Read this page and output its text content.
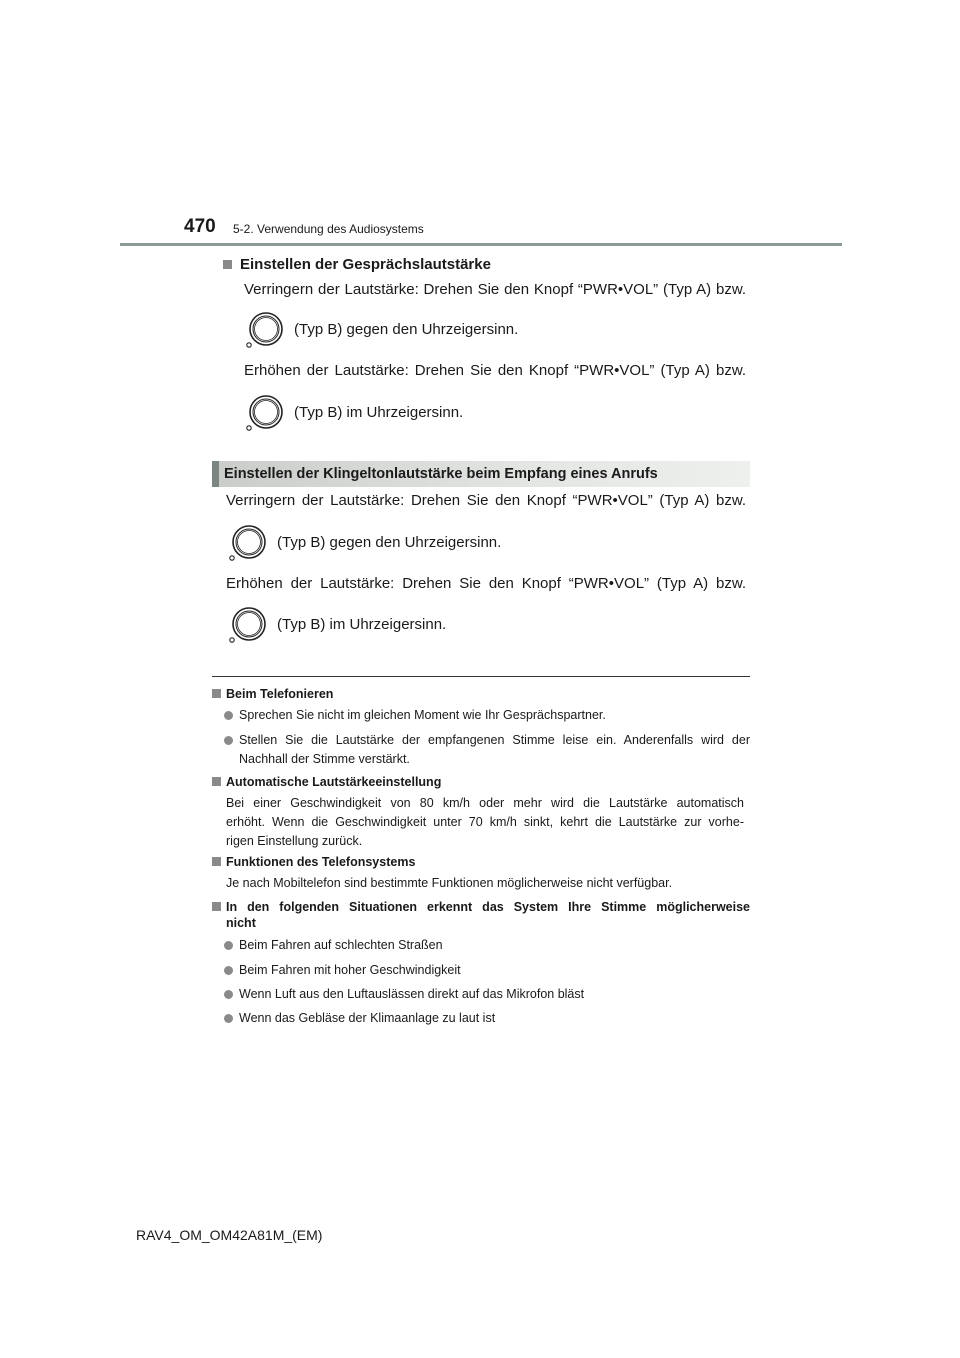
470 5-2. Verwendung des Audiosystems
Einstellen der Gesprächslautstärke
Verringern der Lautstärke: Drehen Sie den Knopf “PWR•VOL” (Typ A) bzw.
(Typ B) gegen den Uhrzeigersinn.
Erhöhen der Lautstärke: Drehen Sie den Knopf “PWR•VOL” (Typ A) bzw.
(Typ B) im Uhrzeigersinn.
Einstellen der Klingeltonlautstärke beim Empfang eines Anrufs
Verringern der Lautstärke: Drehen Sie den Knopf “PWR•VOL” (Typ A) bzw.
(Typ B) gegen den Uhrzeigersinn.
Erhöhen der Lautstärke: Drehen Sie den Knopf “PWR•VOL” (Typ A) bzw.
(Typ B) im Uhrzeigersinn.
Beim Telefonieren
Sprechen Sie nicht im gleichen Moment wie Ihr Gesprächspartner.
Stellen Sie die Lautstärke der empfangenen Stimme leise ein. Anderenfalls wird der
Nachhall der Stimme verstärkt.
Automatische Lautstärkeeinstellung
Bei einer Geschwindigkeit von 80 km/h oder mehr wird die Lautstärke automatisch
erhöht. Wenn die Geschwindigkeit unter 70 km/h sinkt, kehrt die Lautstärke zur vorhe-
rigen Einstellung zurück.
Funktionen des Telefonsystems
Je nach Mobiltelefon sind bestimmte Funktionen möglicherweise nicht verfügbar.
In den folgenden Situationen erkennt das System Ihre Stimme möglicherweise
nicht
Beim Fahren auf schlechten Straßen
Beim Fahren mit hoher Geschwindigkeit
Wenn Luft aus den Luftauslässen direkt auf das Mikrofon bläst
Wenn das Gebläse der Klimaanlage zu laut ist
RAV4_OM_OM42A81M_(EM)
